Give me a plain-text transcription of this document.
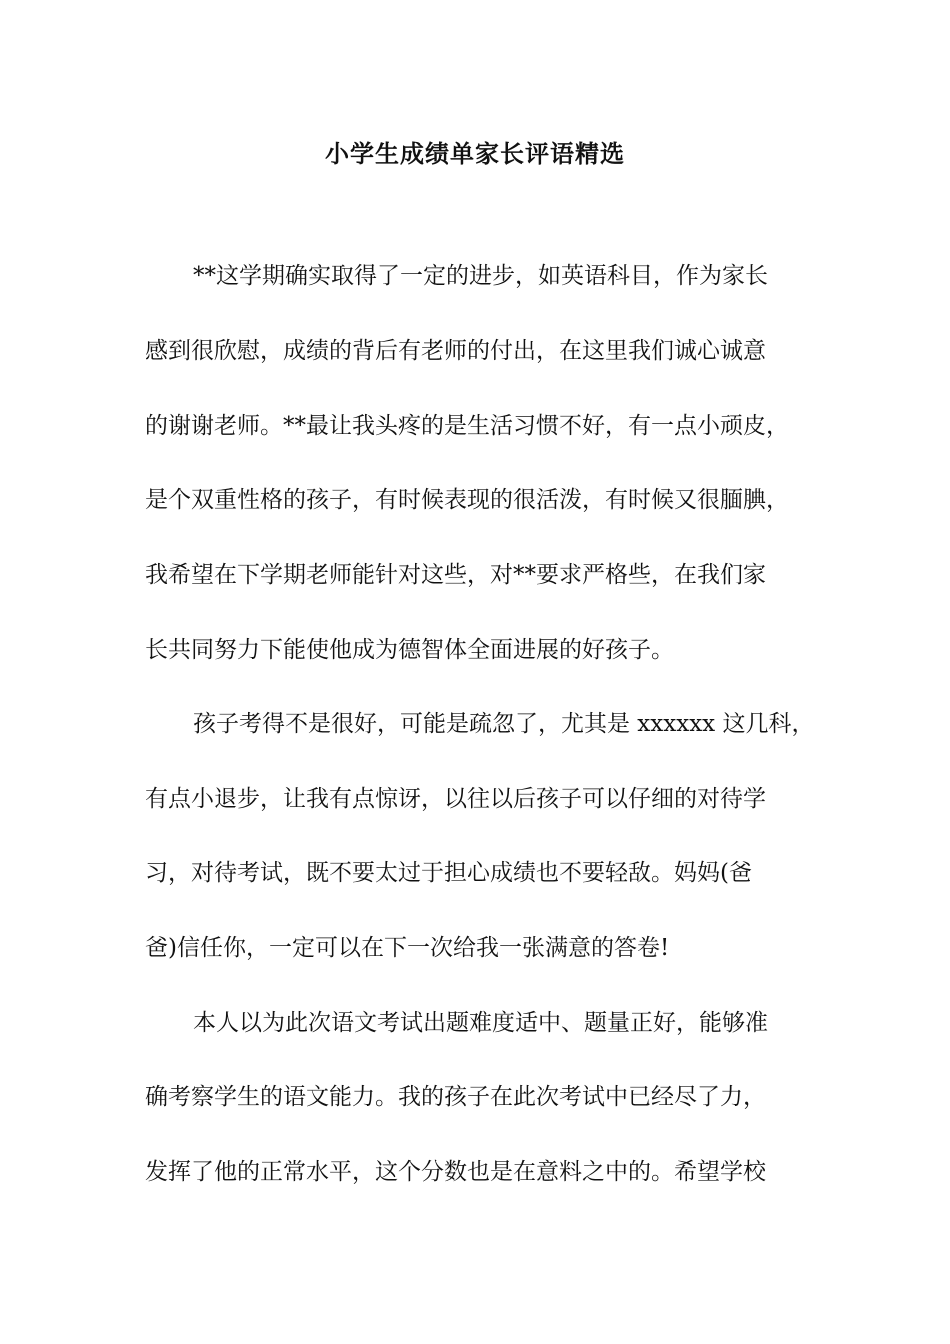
小学生成绩单家长评语精选
**这学期确实取得了一定的进步，如英语科目，作为家长
感到很欣慰，成绩的背后有老师的付出，在这里我们诚心诚意
的谢谢老师。**最让我头疼的是生活习惯不好，有一点小顽皮，
是个双重性格的孩子，有时候表现的很活泼，有时候又很腼腆，
我希望在下学期老师能针对这些，对**要求严格些，在我们家
长共同努力下能使他成为德智体全面进展的好孩子。
孩子考得不是很好，可能是疏忽了，尤其是 xxxxxx 这几科，
有点小退步，让我有点惊讶，以往以后孩子可以仔细的对待学
习，对待考试，既不要太过于担心成绩也不要轻敌。妈妈(爸
爸)信任你，一定可以在下一次给我一张满意的答卷!
本人以为此次语文考试出题难度适中、题量正好，能够准
确考察学生的语文能力。我的孩子在此次考试中已经尽了力，
发挥了他的正常水平，这个分数也是在意料之中的。希望学校
